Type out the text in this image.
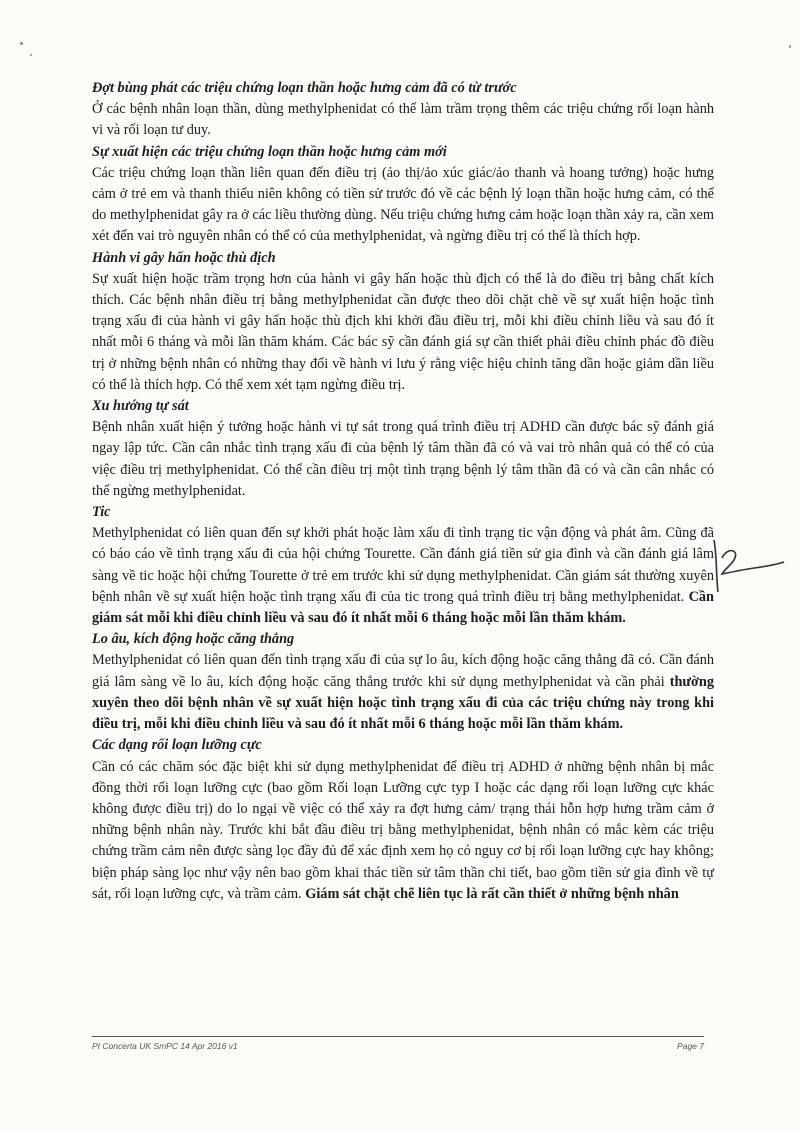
Đợt bùng phát các triệu chứng loạn thần hoặc hưng cảm đã có từ trước

Ở các bệnh nhân loạn thần, dùng methylphenidat có thể làm trầm trọng thêm các triệu chứng rối loạn hành vi và rối loạn tư duy.

Sự xuất hiện các triệu chứng loạn thần hoặc hưng cảm mới

Các triệu chứng loạn thần liên quan đến điều trị (ảo thị/ảo xúc giác/ảo thanh và hoang tưởng) hoặc hưng cảm ở trẻ em và thanh thiếu niên không có tiền sử trước đó về các bệnh lý loạn thần hoặc hưng cảm, có thể do methylphenidat gây ra ở các liều thường dùng. Nếu triệu chứng hưng cảm hoặc loạn thần xảy ra, cần xem xét đến vai trò nguyên nhân có thể có của methylphenidat, và ngừng điều trị có thể là thích hợp.

Hành vi gây hấn hoặc thù địch

Sự xuất hiện hoặc trầm trọng hơn của hành vi gây hấn hoặc thù địch có thể là do điều trị bằng chất kích thích. Các bệnh nhân điều trị bằng methylphenidat cần được theo dõi chặt chẽ về sự xuất hiện hoặc tình trạng xấu đi của hành vi gây hấn hoặc thù địch khi khởi đầu điều trị, mỗi khi điều chỉnh liều và sau đó ít nhất mỗi 6 tháng và mỗi lần thăm khám. Các bác sỹ cần đánh giá sự cần thiết phải điều chỉnh phác đồ điều trị ở những bệnh nhân có những thay đổi về hành vi lưu ý rằng việc hiệu chỉnh tăng dần hoặc giảm dần liều có thể là thích hợp. Có thể xem xét tạm ngừng điều trị.

Xu hướng tự sát

Bệnh nhân xuất hiện ý tưởng hoặc hành vi tự sát trong quá trình điều trị ADHD cần được bác sỹ đánh giá ngay lập tức. Cần cân nhắc tình trạng xấu đi của bệnh lý tâm thần đã có và vai trò nhân quả có thể có của việc điều trị methylphenidat. Có thể cần điều trị một tình trạng bệnh lý tâm thần đã có và cần cân nhắc có thể ngừng methylphenidat.

Tic

Methylphenidat có liên quan đến sự khởi phát hoặc làm xấu đi tình trạng tic vận động và phát âm. Cũng đã có báo cáo về tình trạng xấu đi của hội chứng Tourette. Cần đánh giá tiền sử gia đình và cần đánh giá lâm sàng về tic hoặc hội chứng Tourette ở trẻ em trước khi sử dụng methylphenidat. Cần giám sát thường xuyên bệnh nhân về sự xuất hiện hoặc tình trạng xấu đi của tic trong quá trình điều trị bằng methylphenidat. Cần giám sát mỗi khi điều chỉnh liều và sau đó ít nhất mỗi 6 tháng hoặc mỗi lần thăm khám.

Lo âu, kích động hoặc căng thẳng

Methylphenidat có liên quan đến tình trạng xấu đi của sự lo âu, kích động hoặc căng thẳng đã có. Cần đánh giá lâm sàng về lo âu, kích động hoặc căng thẳng trước khi sử dụng methylphenidat và cần phải thường xuyên theo dõi bệnh nhân về sự xuất hiện hoặc tình trạng xấu đi của các triệu chứng này trong khi điều trị, mỗi khi điều chỉnh liều và sau đó ít nhất mỗi 6 tháng hoặc mỗi lần thăm khám.

Các dạng rối loạn lưỡng cực

Cần có các chăm sóc đặc biệt khi sử dụng methylphenidat để điều trị ADHD ở những bệnh nhân bị mắc đồng thời rối loạn lưỡng cực (bao gồm Rối loạn Lưỡng cực typ I hoặc các dạng rối loạn lưỡng cực khác không được điều trị) do lo ngại về việc có thể xảy ra đợt hưng cảm/ trạng thái hỗn hợp hưng trầm cảm ở những bệnh nhân này. Trước khi bắt đầu điều trị bằng methylphenidat, bệnh nhân có mắc kèm các triệu chứng trầm cảm nên được sàng lọc đầy đủ để xác định xem họ có nguy cơ bị rối loạn lưỡng cực hay không; biện pháp sàng lọc như vậy nên bao gồm khai thác tiền sử tâm thần chi tiết, bao gồm tiền sử gia đình về tự sát, rối loạn lưỡng cực, và trầm cảm. Giám sát chặt chẽ liên tục là rất cần thiết ở những bệnh nhân

PI Concerta UK SmPC 14 Apr 2016 v1	Page 7
